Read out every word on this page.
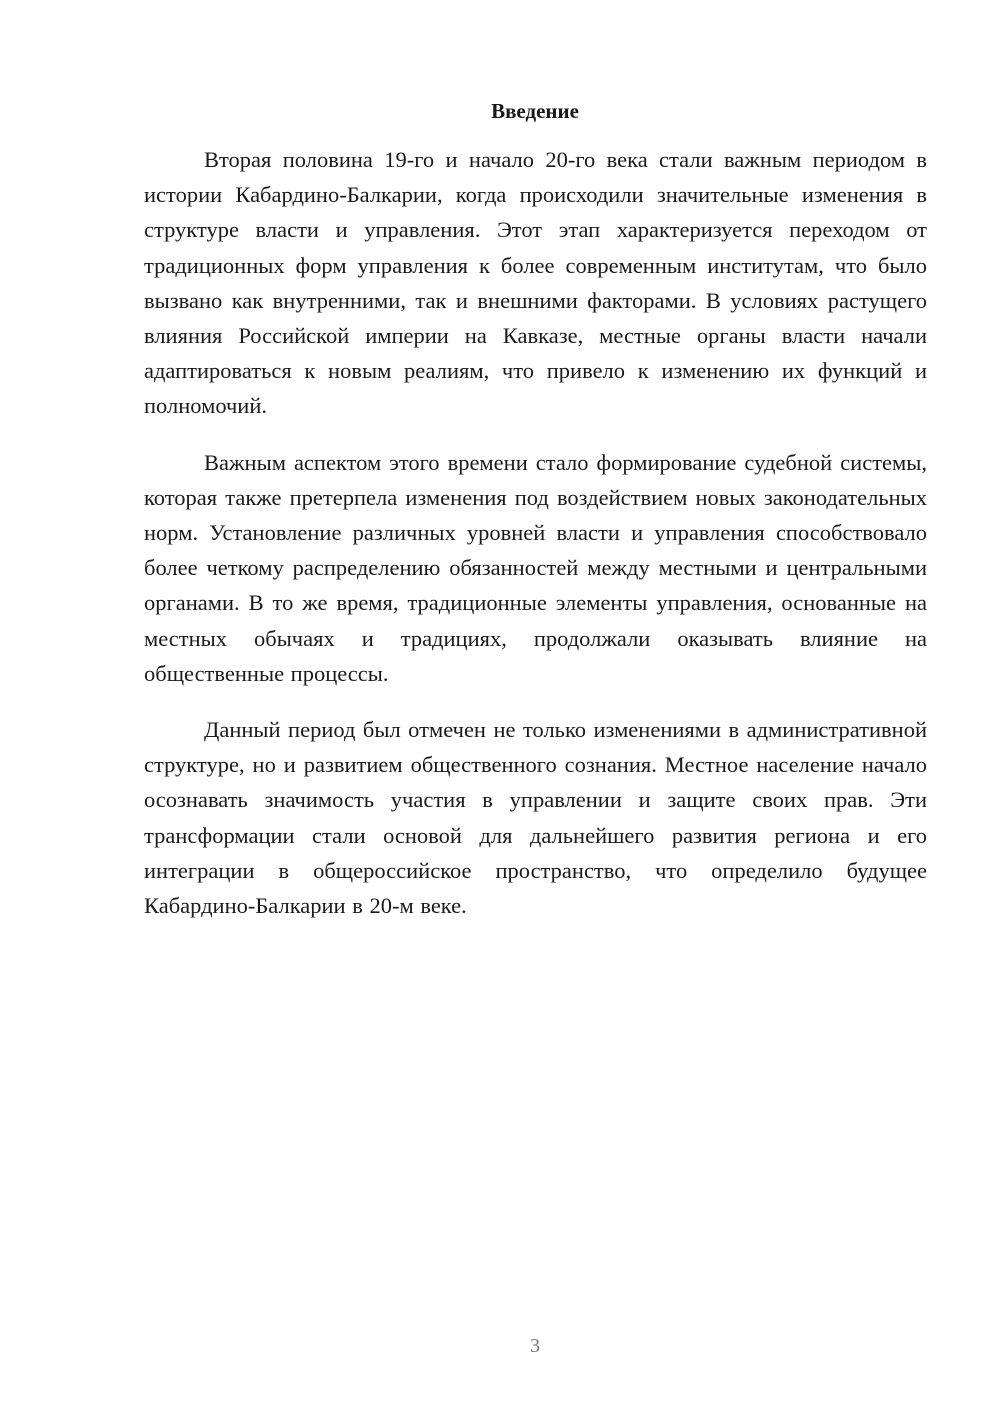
Введение

Вторая половина 19-го и начало 20-го века стали важным периодом в истории Кабардино-Балкарии, когда происходили значительные изменения в структуре власти и управления. Этот этап характеризуется переходом от традиционных форм управления к более современным институтам, что было вызвано как внутренними, так и внешними факторами. В условиях растущего влияния Российской империи на Кавказе, местные органы власти начали адаптироваться к новым реалиям, что привело к изменению их функций и полномочий.

Важным аспектом этого времени стало формирование судебной системы, которая также претерпела изменения под воздействием новых законодательных норм. Установление различных уровней власти и управления способствовало более четкому распределению обязанностей между местными и центральными органами. В то же время, традиционные элементы управления, основанные на местных обычаях и традициях, продолжали оказывать влияние на общественные процессы.

Данный период был отмечен не только изменениями в административной структуре, но и развитием общественного сознания. Местное население начало осознавать значимость участия в управлении и защите своих прав. Эти трансформации стали основой для дальнейшего развития региона и его интеграции в общероссийское пространство, что определило будущее Кабардино-Балкарии в 20-м веке.

3
